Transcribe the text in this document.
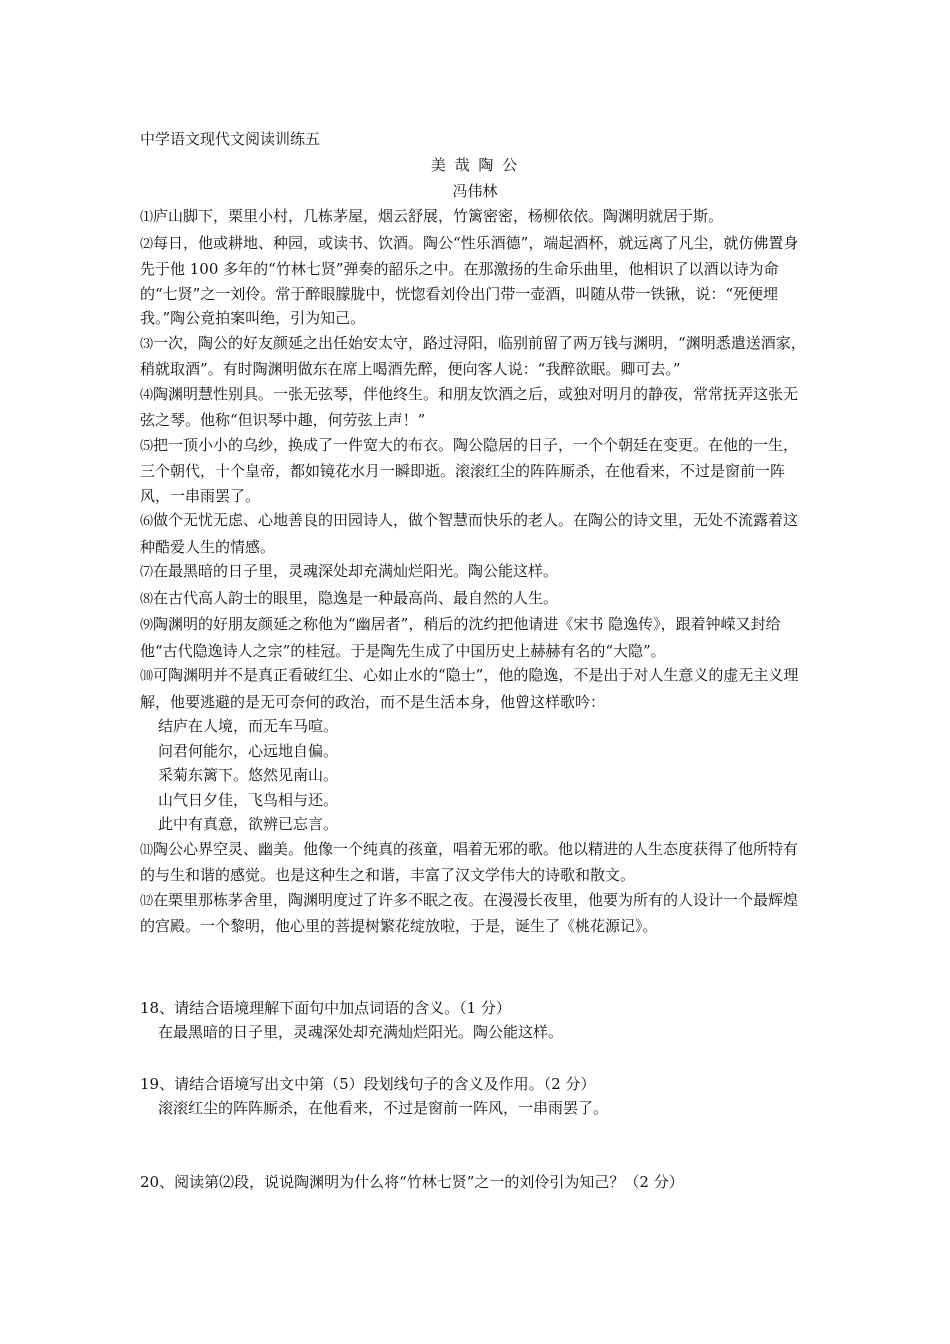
中学语文现代文阅读训练五
美 哉 陶 公
冯伟林

⑴庐山脚下，栗里小村，几栋茅屋，烟云舒展，竹篱密密，杨柳依依。陶渊明就居于斯。

⑵每日，他或耕地、种园，或读书、饮酒。陶公“性乐酒德”，端起酒杯，就远离了凡尘，就仿佛置身先于他 100 多年的“竹林七贤”弹奏的韶乐之中。在那激扬的生命乐曲里，他相识了以酒以诗为命的“七贤”之一刘伶。常于醉眼朦胧中，恍惚看刘伶出门带一壶酒，叫随从带一铁锹，说：“死便埋我。”陶公竟拍案叫绝，引为知己。

⑶一次，陶公的好友颜延之出任始安太守，路过浔阳，临别前留了两万钱与渊明，“渊明悉遣送酒家，稍就取酒”。有时陶渊明做东在席上喝酒先醉，便向客人说：“我醉欲眠。卿可去。”

⑷陶渊明慧性别具。一张无弦琴，伴他终生。和朋友饮酒之后，或独对明月的静夜，常常抚弄这张无弦之琴。他称“但识琴中趣，何劳弦上声！”

⑸把一顶小小的乌纱，换成了一件宽大的布衣。陶公隐居的日子，一个个朝廷在变更。在他的一生，三个朝代，十个皇帝，都如镜花水月一瞬即逝。滚滚红尘的阵阵厮杀，在他看来，不过是窗前一阵风，一串雨罢了。

⑹做个无忧无虑、心地善良的田园诗人，做个智慧而快乐的老人。在陶公的诗文里，无处不流露着这种酷爱人生的情感。

⑺在最黑暗的日子里，灵魂深处却充满灿烂阳光。陶公能这样。

⑻在古代高人韵士的眼里，隐逸是一种最高尚、最自然的人生。

⑼陶渊明的好朋友颜延之称他为“幽居者”，稍后的沈约把他请进《宋书 隐逸传》，跟着钟嵘又封给他“古代隐逸诗人之宗”的桂冠。于是陶先生成了中国历史上赫赫有名的“大隐”。

⑽可陶渊明并不是真正看破红尘、心如止水的“隐士”，他的隐逸，不是出于对人生意义的虚无主义理解，他要逃避的是无可奈何的政治，而不是生活本身，他曾这样歌吟：

结庐在人境，而无车马喧。

问君何能尔，心远地自偏。

采菊东篱下。悠然见南山。

山气日夕佳，飞鸟相与还。

此中有真意，欲辨已忘言。

⑾陶公心界空灵、幽美。他像一个纯真的孩童，唱着无邪的歌。他以精进的人生态度获得了他所特有的与生和谐的感觉。也是这种生之和谐，丰富了汉文学伟大的诗歌和散文。

⑿在栗里那栋茅舍里，陶渊明度过了许多不眠之夜。在漫漫长夜里，他要为所有的人设计一个最辉煌的宫殿。一个黎明，他心里的菩提树繁花绽放啦，于是，诞生了《桃花源记》。

18、请结合语境理解下面句中加点词语的含义。（1 分）
在最黑暗的日子里，灵魂深处却充满灿烂阳光。陶公能这样。
19、请结合语境写出文中第（5）段划线句子的含义及作用。（2 分）
滚滚红尘的阵阵厮杀，在他看来，不过是窗前一阵风，一串雨罢了。
20、阅读第⑵段，说说陶渊明为什么将“竹林七贤”之一的刘伶引为知己？（2 分）
